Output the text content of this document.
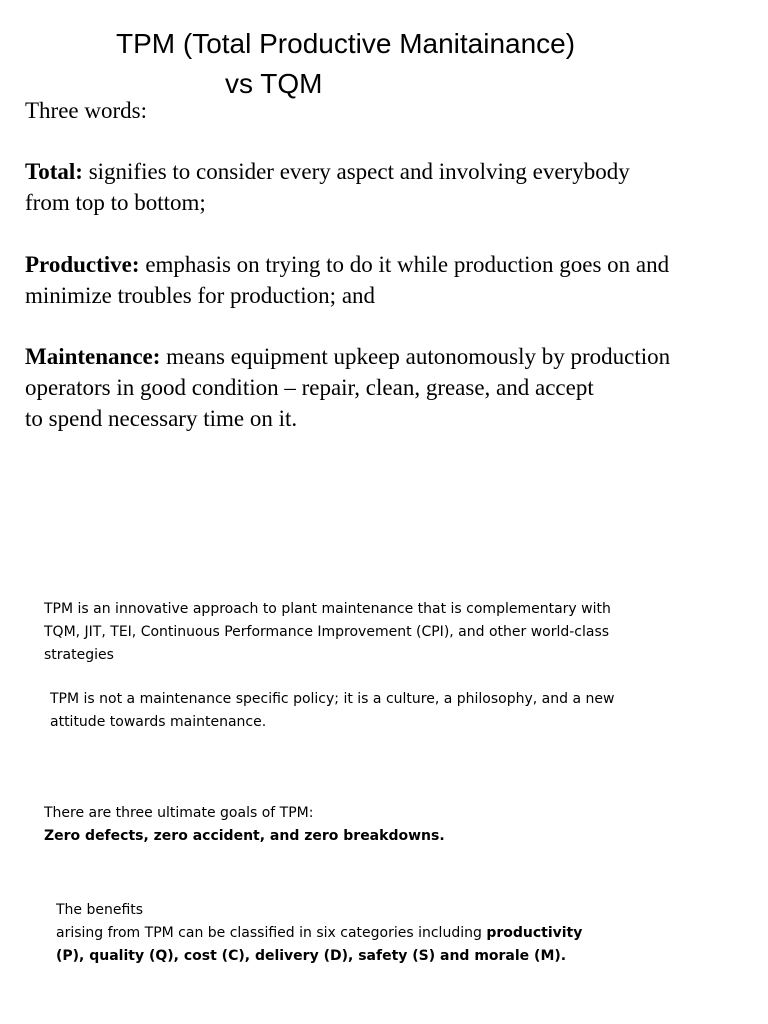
TPM (Total Productive Manitainance)
vs TQM
Three words:
Total: signifies to consider every aspect and involving everybody
from top to bottom;
Productive: emphasis on trying to do it while production goes on and
minimize troubles for production; and
Maintenance: means equipment upkeep autonomously by production
operators in good condition – repair, clean, grease, and accept
to spend necessary time on it.
TPM is an innovative approach to plant maintenance that is complementary with
TQM, JIT, TEI, Continuous Performance Improvement (CPI), and other world-class
strategies
TPM is not a maintenance specific policy; it is a culture, a philosophy, and a new
attitude towards maintenance.
There are three ultimate goals of TPM:
Zero defects, zero accident, and zero breakdowns.
The benefits
arising from TPM can be classified in six categories including productivity
(P), quality (Q), cost (C), delivery (D), safety (S) and morale (M).
